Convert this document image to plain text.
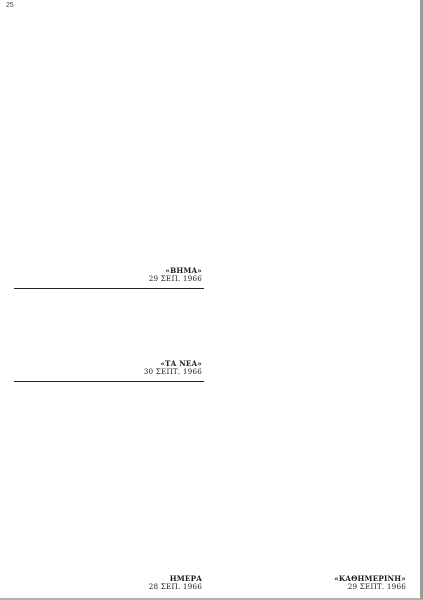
25
«ΒΗΜΑ»
29 ΣΕΠ. 1966
«ΤΑ ΝΕΑ»
30 ΣΕΠΤ. 1966
ΗΜΕΡΑ
28 ΣΕΠ. 1966
«ΚΑΘΗΜΕΡΙΝΗ»
29 ΣΕΠΤ. 1966
